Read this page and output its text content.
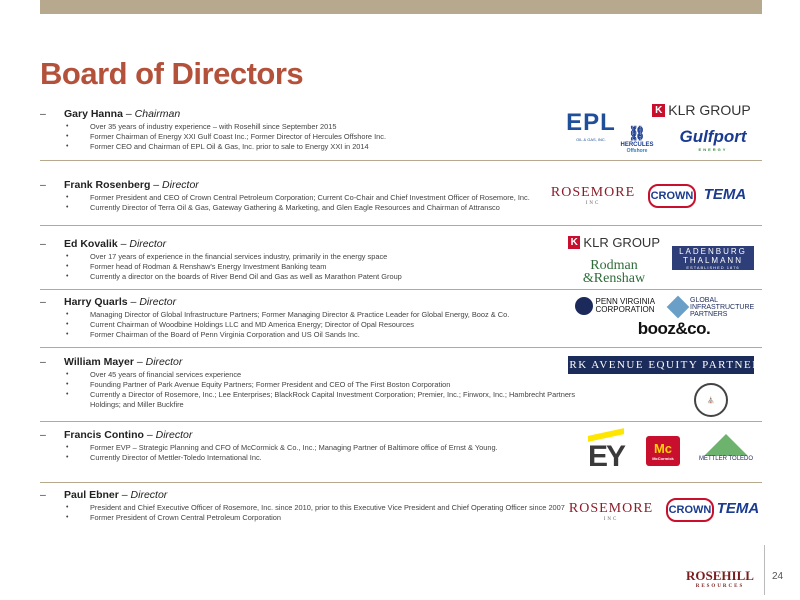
Board of Directors
– Gary Hanna – Chairman
• Over 35 years of industry experience – with Rosehill since September 2015
• Former Chairman of Energy XXI Gulf Coast Inc.; Former Director of Hercules Offshore Inc.
• Former CEO and Chairman of EPL Oil & Gas, Inc. prior to sale to Energy XXI in 2014
– Frank Rosenberg – Director
• Former President and CEO of Crown Central Petroleum Corporation; Current Co-Chair and Chief Investment Officer of Rosemore, Inc.
• Currently Director of Terra Oil & Gas, Gateway Gathering & Marketing, and Glen Eagle Resources and Chairman of Attransco
– Ed Kovalik – Director
• Over 17 years of experience in the financial services industry, primarily in the energy space
• Former head of Rodman & Renshaw's Energy Investment Banking team
• Currently a director on the boards of River Bend Oil and Gas as well as Marathon Patent Group
– Harry Quarls – Director
• Managing Director of Global Infrastructure Partners; Former Managing Director & Practice Leader for Global Energy, Booz & Co.
• Current Chairman of Woodbine Holdings LLC and MD America Energy; Director of Opal Resources
• Former Chairman of the Board of Penn Virginia Corporation and US Oil Sands Inc.
– William Mayer – Director
• Over 45 years of financial services experience
• Founding Partner of Park Avenue Equity Partners; Former President and CEO of The First Boston Corporation
• Currently a Director of Rosemore, Inc.; Lee Enterprises; BlackRock Capital Investment Corporation; Premier, Inc.; Finworx, Inc.; Hambrecht Partners Holdings; and Miller Buckfire
– Francis Contino – Director
• Former EVP – Strategic Planning and CFO of McCormick & Co., Inc.; Managing Partner of Baltimore office of Ernst & Young.
• Currently Director of Mettler-Toledo International Inc.
– Paul Ebner – Director
• President and Chief Executive Officer of Rosemore, Inc. since 2010, prior to this Executive Vice President and Chief Operating Officer since 2007
• Former President of Crown Central Petroleum Corporation
EPL
OIL & GAS, INC.
K KLR GROUP
⛓
HERCULES
Offshore
Gulfport
ENERGY
ROSEMORE
INC
CROWN TEMA
K KLR GROUP
LADENBURG
THALMANN
ESTABLISHED 1876
Rodman
&Renshaw
PENN VIRGINIA CORPORATION
GLOBAL INFRASTRUCTURE PARTNERS
booz&co.
PARK AVENUE EQUITY PARTNERS
⛪
EY Mc
McCormick	METTLER TOLEDO
ROSEMORE
INC
CROWN TEMA
ROSEHILL
RESOURCES
24
